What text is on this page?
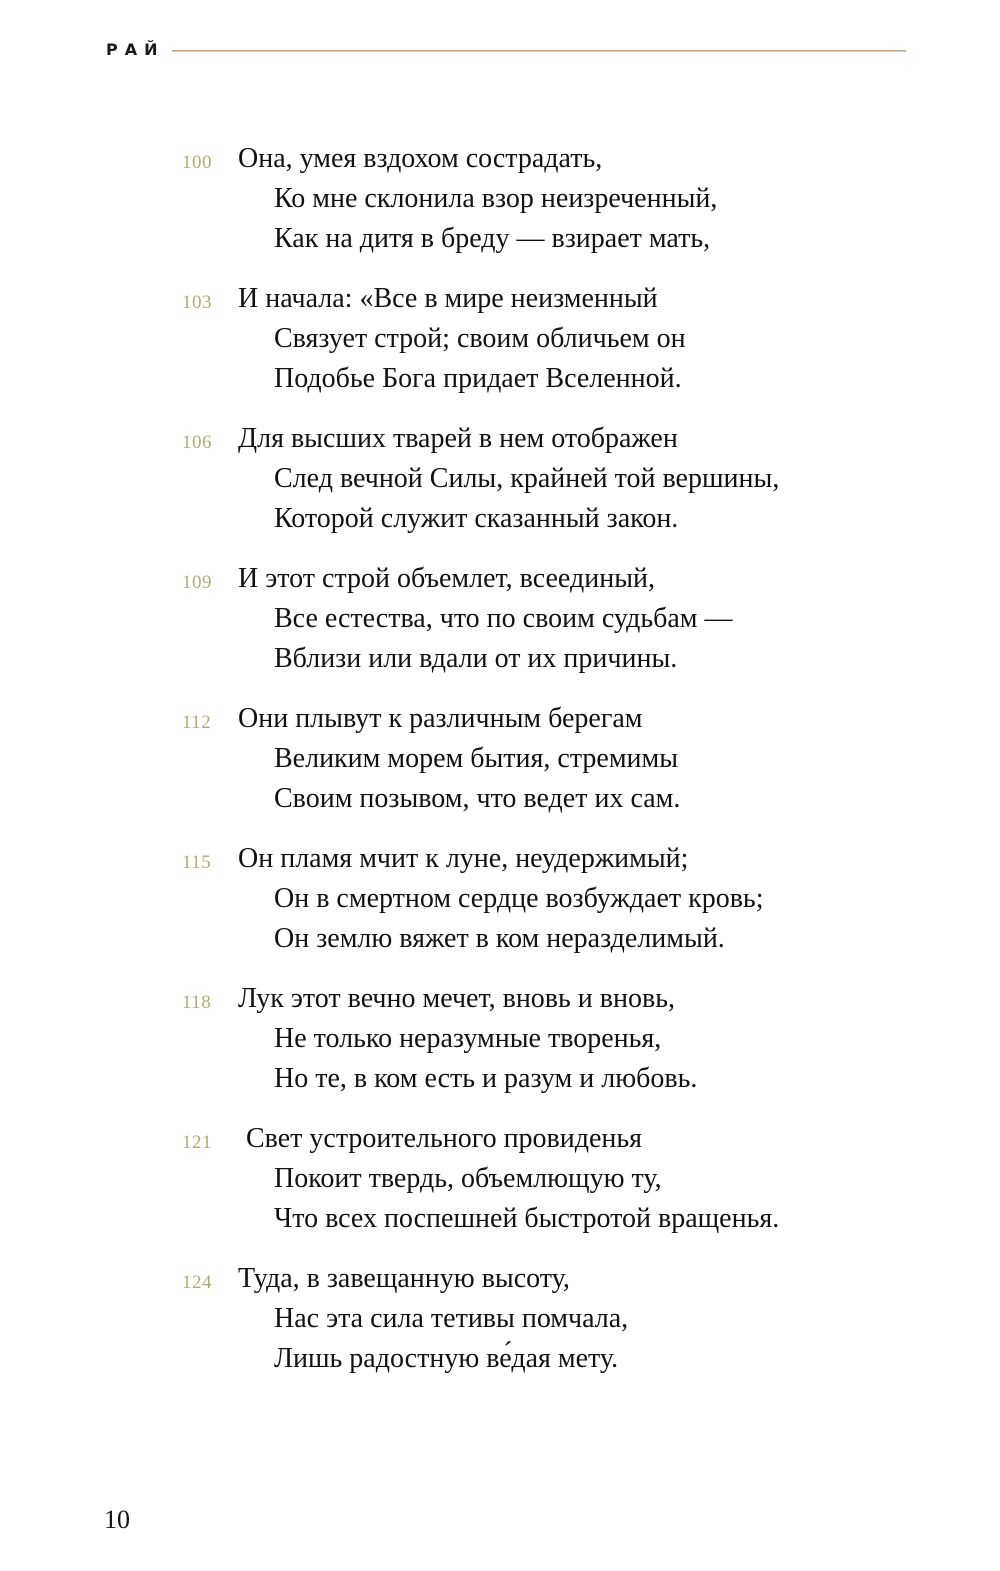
РАЙ
100 Она, умея вздохом сострадать,
Ко мне склонила взор неизреченный,
Как на дитя в бреду — взирает мать,
103 И начала: «Все в мире неизменный
Связует строй; своим обличьем он
Подобье Бога придает Вселенной.
106 Для высших тварей в нем отображен
След вечной Силы, крайней той вершины,
Которой служит сказанный закон.
109 И этот строй объемлет, всеединый,
Все естества, что по своим судьбам —
Вблизи или вдали от их причины.
112 Они плывут к различным берегам
Великим морем бытия, стремимы
Своим позывом, что ведет их сам.
115 Он пламя мчит к луне, неудержимый;
Он в смертном сердце возбуждает кровь;
Он землю вяжет в ком неразделимый.
118 Лук этот вечно мечет, вновь и вновь,
Не только неразумные творенья,
Но те, в ком есть и разум и любовь.
121 Свет устроительного провиденья
Покоит твердь, объемлющую ту,
Что всех поспешней быстротой вращенья.
124 Туда, в завещанную высоту,
Нас эта сила тетивы помчала,
Лишь радостную ве́дая мету.
10
